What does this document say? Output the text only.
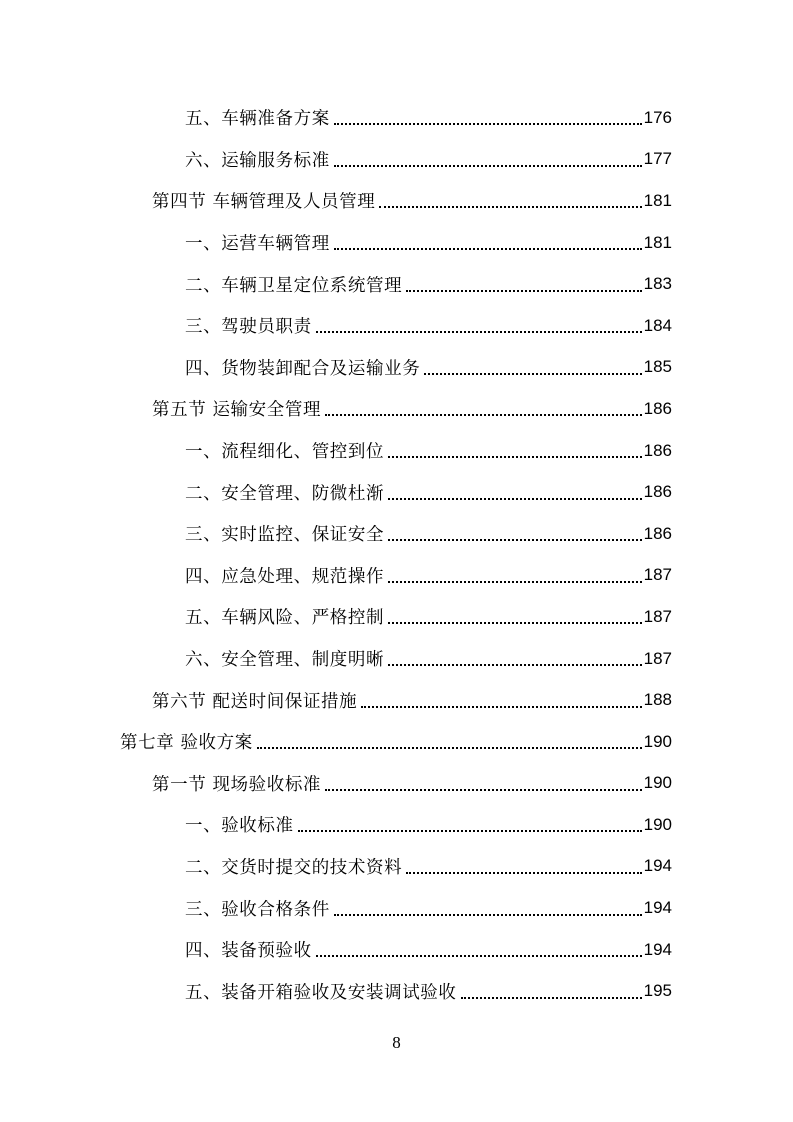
五、车辆准备方案	176
六、运输服务标准	177
第四节 车辆管理及人员管理	181
一、运营车辆管理	181
二、车辆卫星定位系统管理	183
三、驾驶员职责	184
四、货物装卸配合及运输业务	185
第五节 运输安全管理	186
一、流程细化、管控到位	186
二、安全管理、防微杜渐	186
三、实时监控、保证安全	186
四、应急处理、规范操作	187
五、车辆风险、严格控制	187
六、安全管理、制度明晰	187
第六节 配送时间保证措施	188
第七章 验收方案	190
第一节 现场验收标准	190
一、验收标准	190
二、交货时提交的技术资料	194
三、验收合格条件	194
四、装备预验收	194
五、装备开箱验收及安装调试验收	195
8
